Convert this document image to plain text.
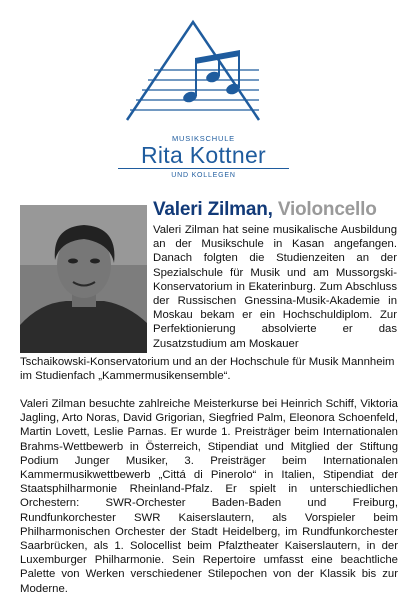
MUSIKSCHULE
Rita Kottner
UND KOLLEGEN
Valeri Zilman, Violoncello
Valeri Zilman hat seine musikalische Ausbildung an der Musikschule in Kasan angefangen. Danach folgten die Studienzeiten an der Spezialschule für Musik und am Mussorgski-Konservatorium in Ekaterinburg. Zum Abschluss der Russischen Gnessina-Musik-Akademie in Moskau bekam er ein Hochschuldiplom. Zur Perfektionierung absolvierte er das Zusatzstudium am Moskauer
Tschaikowski-Konservatorium und an der Hochschule für Musik Mannheim im Studienfach „Kammermusikensemble“.
Valeri Zilman besuchte zahlreiche Meisterkurse bei Heinrich Schiff, Viktoria Jagling, Arto Noras, David Grigorian, Siegfried Palm, Eleonora Schoenfeld, Martin Lovett, Leslie Parnas. Er wurde 1. Preisträger beim Internationalen Brahms-Wettbewerb in Österreich, Stipendiat und Mitglied der Stiftung Podium Junger Musiker, 3. Preisträger beim Internationalen Kammermusikwettbewerb „Cittá di Pinerolo“ in Italien, Stipendiat der Staatsphilharmonie Rheinland-Pfalz. Er spielt in unterschiedlichen Orchestern: SWR-Orchester Baden-Baden und Freiburg, Rundfunkorchester SWR Kaiserslautern, als Vorspieler beim Philharmonischen Orchester der Stadt Heidelberg, im Rundfunkorchester Saarbrücken, als 1. Solocellist beim Pfalztheater Kaiserslautern, in der Luxemburger Philharmonie. Sein Repertoire umfasst eine beachtliche Palette von Werken verschiedener Stilepochen von der Klassik bis zur Moderne.
